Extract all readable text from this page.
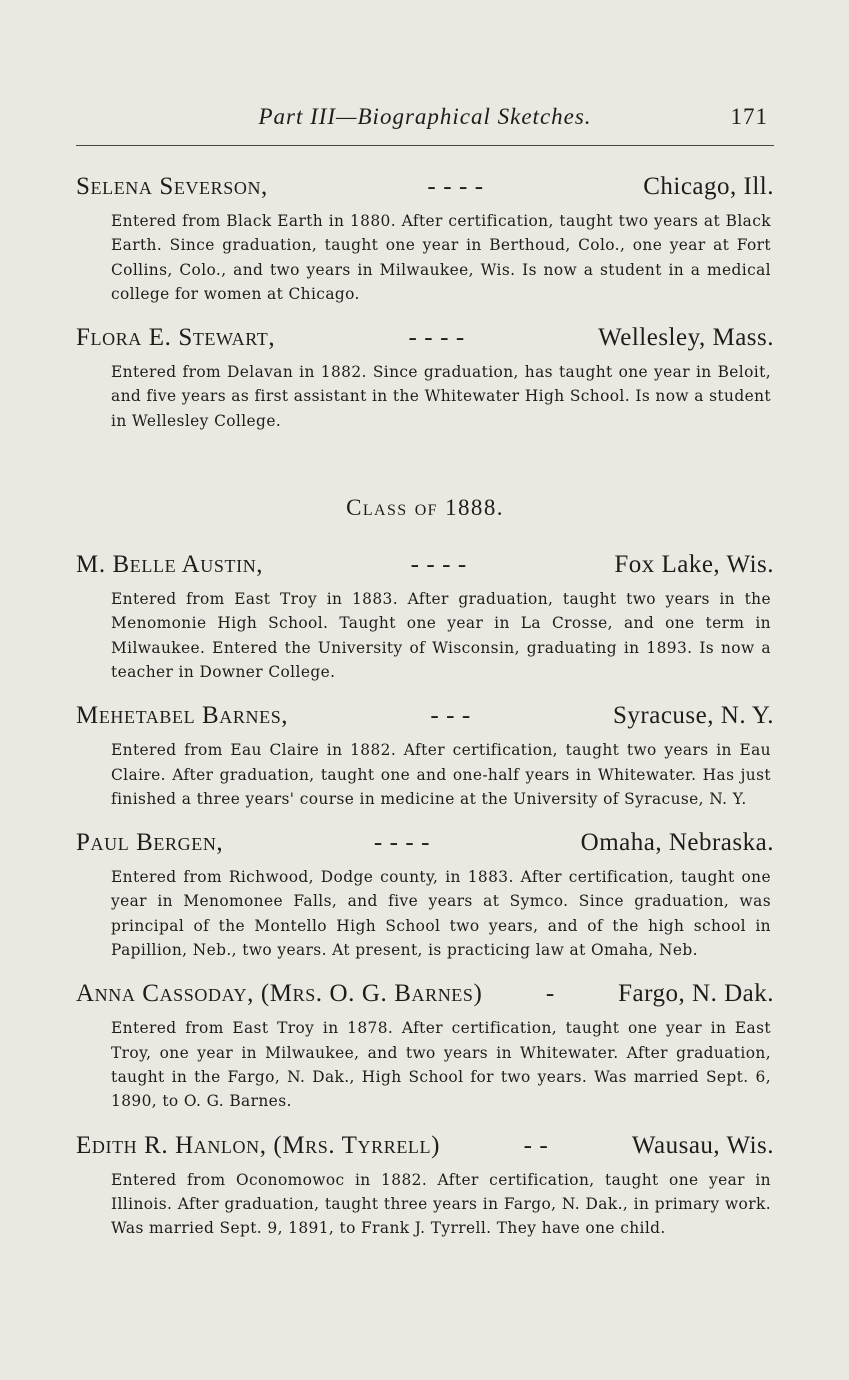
Part III—Biographical Sketches.	171
Selena Severson,	- - - -	Chicago, Ill.

Entered from Black Earth in 1880. After certification, taught two years at Black Earth. Since graduation, taught one year in Berthoud, Colo., one year at Fort Collins, Colo., and two years in Milwaukee, Wis. Is now a student in a medical college for women at Chicago.

Flora E. Stewart,	- - - -	Wellesley, Mass.

Entered from Delavan in 1882. Since graduation, has taught one year in Beloit, and five years as first assistant in the Whitewater High School. Is now a student in Wellesley College.

Class of 1888.
M. Belle Austin,	- - - -	Fox Lake, Wis.

Entered from East Troy in 1883. After graduation, taught two years in the Menomonie High School. Taught one year in La Crosse, and one term in Milwaukee. Entered the University of Wisconsin, graduating in 1893. Is now a teacher in Downer College.

Mehetabel Barnes,	- - -	Syracuse, N. Y.

Entered from Eau Claire in 1882. After certification, taught two years in Eau Claire. After graduation, taught one and one-half years in Whitewater. Has just finished a three years' course in medicine at the University of Syracuse, N. Y.

Paul Bergen,	- - - -	Omaha, Nebraska.

Entered from Richwood, Dodge county, in 1883. After certification, taught one year in Menomonee Falls, and five years at Symco. Since graduation, was principal of the Montello High School two years, and of the high school in Papillion, Neb., two years. At present, is practicing law at Omaha, Neb.

Anna Cassoday, (Mrs. O. G. Barnes)	-	Fargo, N. Dak.

Entered from East Troy in 1878. After certification, taught one year in East Troy, one year in Milwaukee, and two years in Whitewater. After graduation, taught in the Fargo, N. Dak., High School for two years. Was married Sept. 6, 1890, to O. G. Barnes.

Edith R. Hanlon, (Mrs. Tyrrell)	- -	Wausau, Wis.

Entered from Oconomowoc in 1882. After certification, taught one year in Illinois. After graduation, taught three years in Fargo, N. Dak., in primary work. Was married Sept. 9, 1891, to Frank J. Tyrrell. They have one child.
